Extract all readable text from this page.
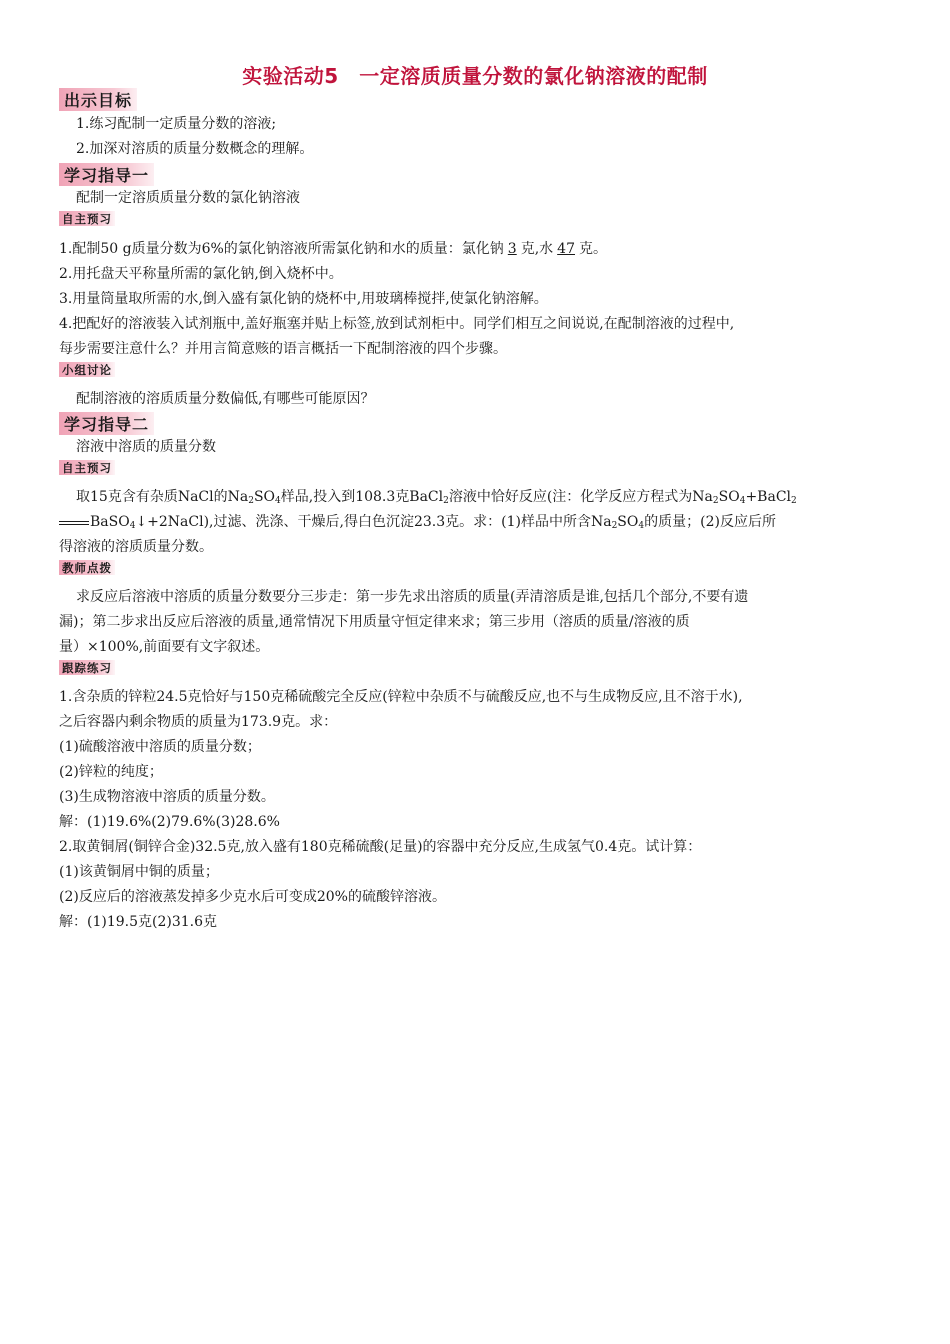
实验活动5　一定溶质质量分数的氯化钠溶液的配制
出示目标
1.练习配制一定质量分数的溶液;
2.加深对溶质的质量分数概念的理解。
学习指导一
配制一定溶质质量分数的氯化钠溶液
自主预习
1.配制50 g质量分数为6%的氯化钠溶液所需氯化钠和水的质量：氯化钠 3 克,水 47 克。
2.用托盘天平称量所需的氯化钠,倒入烧杯中。
3.用量筒量取所需的水,倒入盛有氯化钠的烧杯中,用玻璃棒搅拌,使氯化钠溶解。
4.把配好的溶液装入试剂瓶中,盖好瓶塞并贴上标签,放到试剂柜中。同学们相互之间说说,在配制溶液的过程中,
每步需要注意什么？并用言简意赅的语言概括一下配制溶液的四个步骤。
小组讨论
配制溶液的溶质质量分数偏低,有哪些可能原因？
学习指导二
溶液中溶质的质量分数
自主预习
取15克含有杂质NaCl的$Na_2SO_4$样品,投入到108.3克BaCl$_2$溶液中恰好反应(注：化学反应方程式为$Na_2SO_4+BaCl_2$
BaSO$_4$↓+2NaCl),过滤、洗涤、干燥后,得白色沉淀23.3克。求：(1)样品中所含$Na_2SO_4$的质量；(2)反应后所
得溶液的溶质质量分数。
教师点拨
求反应后溶液中溶质的质量分数要分三步走：第一步先求出溶质的质量(弄清溶质是谁,包括几个部分,不要有遗
漏)；第二步求出反应后溶液的质量,通常情况下用质量守恒定律来求；第三步用（溶质的质量/溶液的质
量）×100%,前面要有文字叙述。
跟踪练习
1.含杂质的锌粒24.5克恰好与150克稀硫酸完全反应(锌粒中杂质不与硫酸反应,也不与生成物反应,且不溶于水),
之后容器内剩余物质的质量为173.9克。求：
(1)硫酸溶液中溶质的质量分数；
(2)锌粒的纯度；
(3)生成物溶液中溶质的质量分数。
解：(1)19.6%(2)79.6%(3)28.6%
2.取黄铜屑(铜锌合金)32.5克,放入盛有180克稀硫酸(足量)的容器中充分反应,生成氢气0.4克。试计算：
(1)该黄铜屑中铜的质量；
(2)反应后的溶液蒸发掉多少克水后可变成20%的硫酸锌溶液。
解：(1)19.5克(2)31.6克
